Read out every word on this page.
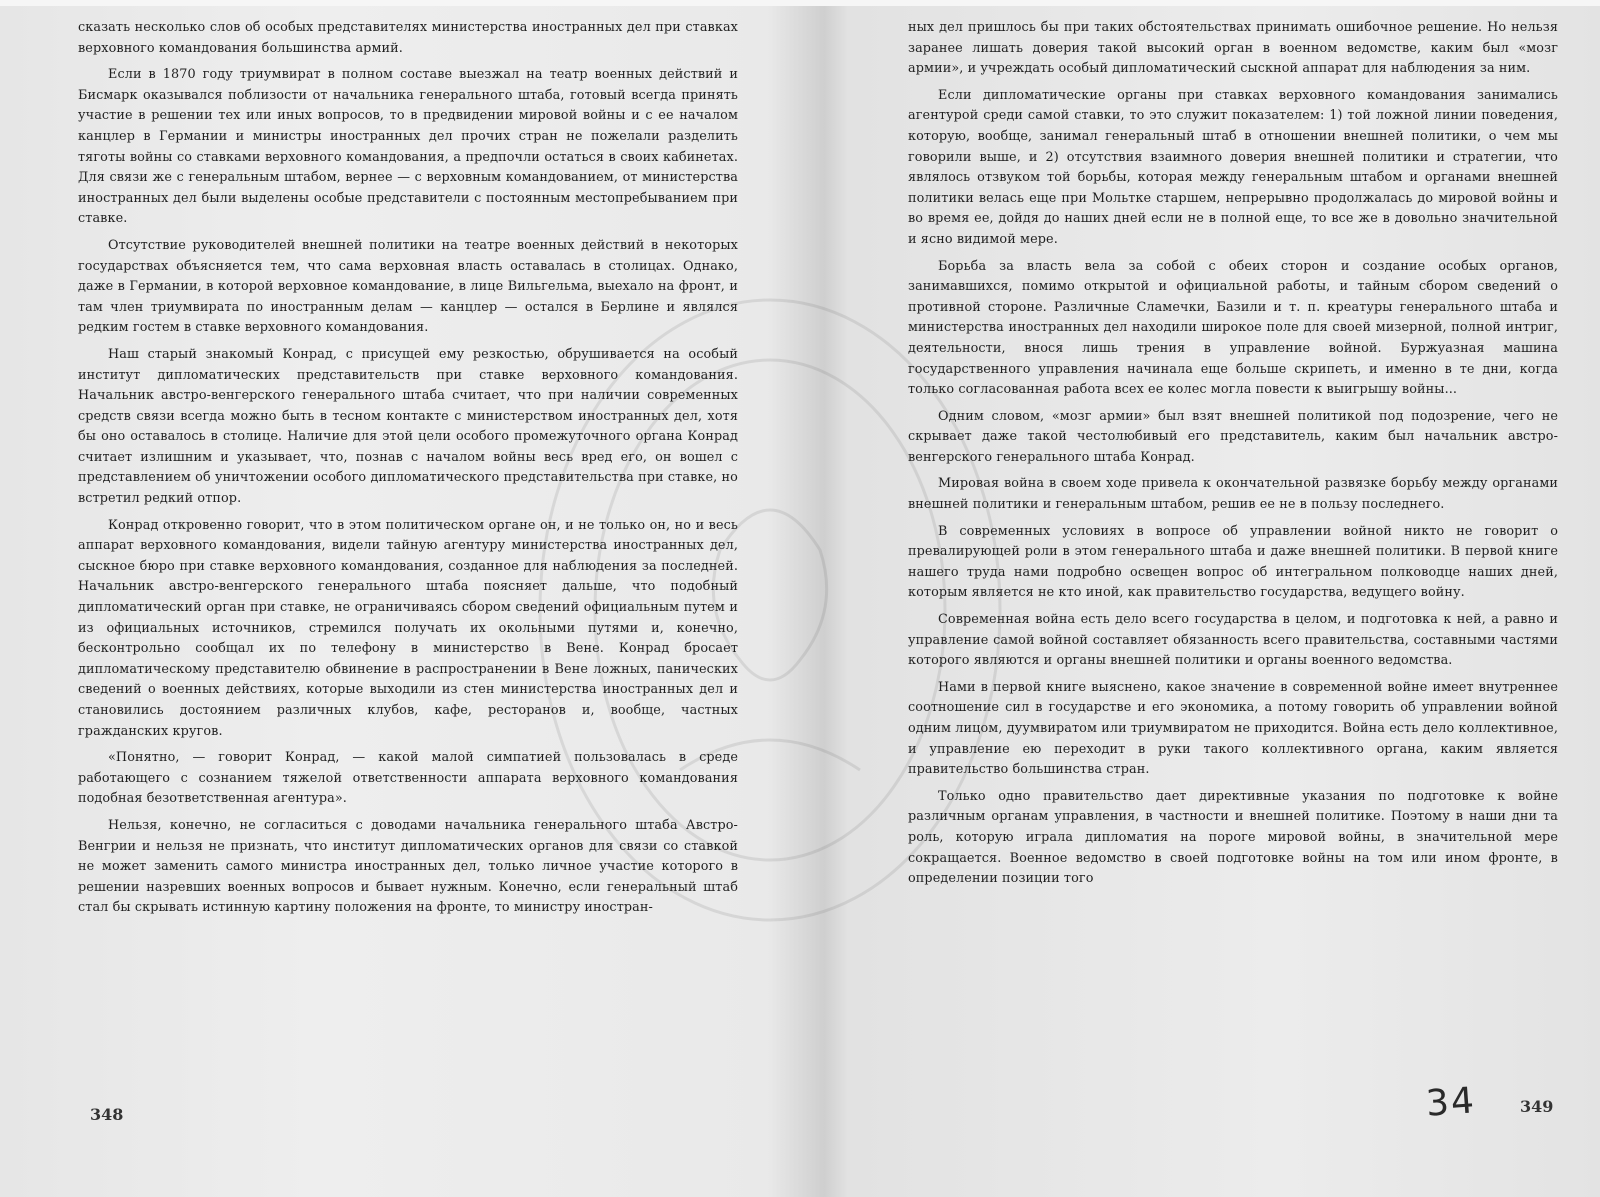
сказать несколько слов об особых представителях министерства иностранных дел при ставках верховного командования большинства армий.

Если в 1870 году триумвират в полном составе выезжал на театр военных действий и Бисмарк оказывался поблизости от начальника генерального штаба, готовый всегда принять участие в решении тех или иных вопросов, то в предвидении мировой войны и с ее началом канцлер в Германии и министры иностранных дел прочих стран не пожелали разделить тяготы войны со ставками верховного командования, а предпочли остаться в своих кабинетах. Для связи же с генеральным штабом, вернее — с верховным командованием, от министерства иностранных дел были выделены особые представители с постоянным местопребыванием при ставке.

Отсутствие руководителей внешней политики на театре военных действий в некоторых государствах объясняется тем, что сама верховная власть оставалась в столицах. Однако, даже в Германии, в которой верховное командование, в лице Вильгельма, выехало на фронт, и там член триумвирата по иностранным делам — канцлер — остался в Берлине и являлся редким гостем в ставке верховного командования.

Наш старый знакомый Конрад, с присущей ему резкостью, обрушивается на особый институт дипломатических представительств при ставке верховного командования. Начальник австро-венгерского генерального штаба считает, что при наличии современных средств связи всегда можно быть в тесном контакте с министерством иностранных дел, хотя бы оно оставалось в столице. Наличие для этой цели особого промежуточного органа Конрад считает излишним и указывает, что, познав с началом войны весь вред его, он вошел с представлением об уничтожении особого дипломатического представительства при ставке, но встретил редкий отпор.

Конрад откровенно говорит, что в этом политическом органе он, и не только он, но и весь аппарат верховного командования, видели тайную агентуру министерства иностранных дел, сыскное бюро при ставке верховного командования, созданное для наблюдения за последней. Начальник австро-венгерского генерального штаба поясняет дальше, что подобный дипломатический орган при ставке, не ограничиваясь сбором сведений официальным путем и из официальных источников, стремился получать их окольными путями и, конечно, бесконтрольно сообщал их по телефону в министерство в Вене. Конрад бросает дипломатическому представителю обвинение в распространении в Вене ложных, панических сведений о военных действиях, которые выходили из стен министерства иностранных дел и становились достоянием различных клубов, кафе, ресторанов и, вообще, частных гражданских кругов.

«Понятно, — говорит Конрад, — какой малой симпатией пользовалась в среде работающего с сознанием тяжелой ответственности аппарата верховного командования подобная безответственная агентура».

Нельзя, конечно, не согласиться с доводами начальника генерального штаба Австро-Венгрии и нельзя не признать, что институт дипломатических органов для связи со ставкой не может заменить самого министра иностранных дел, только личное участие которого в решении назревших военных вопросов и бывает нужным. Конечно, если генеральный штаб стал бы скрывать истинную картину положения на фронте, то министру иностран-

ных дел пришлось бы при таких обстоятельствах принимать ошибочное решение. Но нельзя заранее лишать доверия такой высокий орган в военном ведомстве, каким был «мозг армии», и учреждать особый дипломатический сыскной аппарат для наблюдения за ним.

Если дипломатические органы при ставках верховного командования занимались агентурой среди самой ставки, то это служит показателем: 1) той ложной линии поведения, которую, вообще, занимал генеральный штаб в отношении внешней политики, о чем мы говорили выше, и 2) отсутствия взаимного доверия внешней политики и стратегии, что являлось отзвуком той борьбы, которая между генеральным штабом и органами внешней политики велась еще при Мольтке старшем, непрерывно продолжалась до мировой войны и во время ее, дойдя до наших дней если не в полной еще, то все же в довольно значительной и ясно видимой мере.

Борьба за власть вела за собой с обеих сторон и создание особых органов, занимавшихся, помимо открытой и официальной работы, и тайным сбором сведений о противной стороне. Различные Сламечки, Базили и т. п. креатуры генерального штаба и министерства иностранных дел находили широкое поле для своей мизерной, полной интриг, деятельности, внося лишь трения в управление войной. Буржуазная машина государственного управления начинала еще больше скрипеть, и именно в те дни, когда только согласованная работа всех ее колес могла повести к выигрышу войны...

Одним словом, «мозг армии» был взят внешней политикой под подозрение, чего не скрывает даже такой честолюбивый его представитель, каким был начальник австро-венгерского генерального штаба Конрад.

Мировая война в своем ходе привела к окончательной развязке борьбу между органами внешней политики и генеральным штабом, решив ее не в пользу последнего.

В современных условиях в вопросе об управлении войной никто не говорит о превалирующей роли в этом генерального штаба и даже внешней политики. В первой книге нашего труда нами подробно освещен вопрос об интегральном полководце наших дней, которым является не кто иной, как правительство государства, ведущего войну.

Современная война есть дело всего государства в целом, и подготовка к ней, а равно и управление самой войной составляет обязанность всего правительства, составными частями которого являются и органы внешней политики и органы военного ведомства.

Нами в первой книге выяснено, какое значение в современной войне имеет внутреннее соотношение сил в государстве и его экономика, а потому говорить об управлении войной одним лицом, дуумвиратом или триумвиратом не приходится. Война есть дело коллективное, и управление ею переходит в руки такого коллективного органа, каким является правительство большинства стран.

Только одно правительство дает директивные указания по подготовке к войне различным органам управления, в частности и внешней политике. Поэтому в наши дни та роль, которую играла дипломатия на пороге мировой войны, в значительной мере сокращается. Военное ведомство в своей подготовке войны на том или ином фронте, в определении позиции того

348	349
34
